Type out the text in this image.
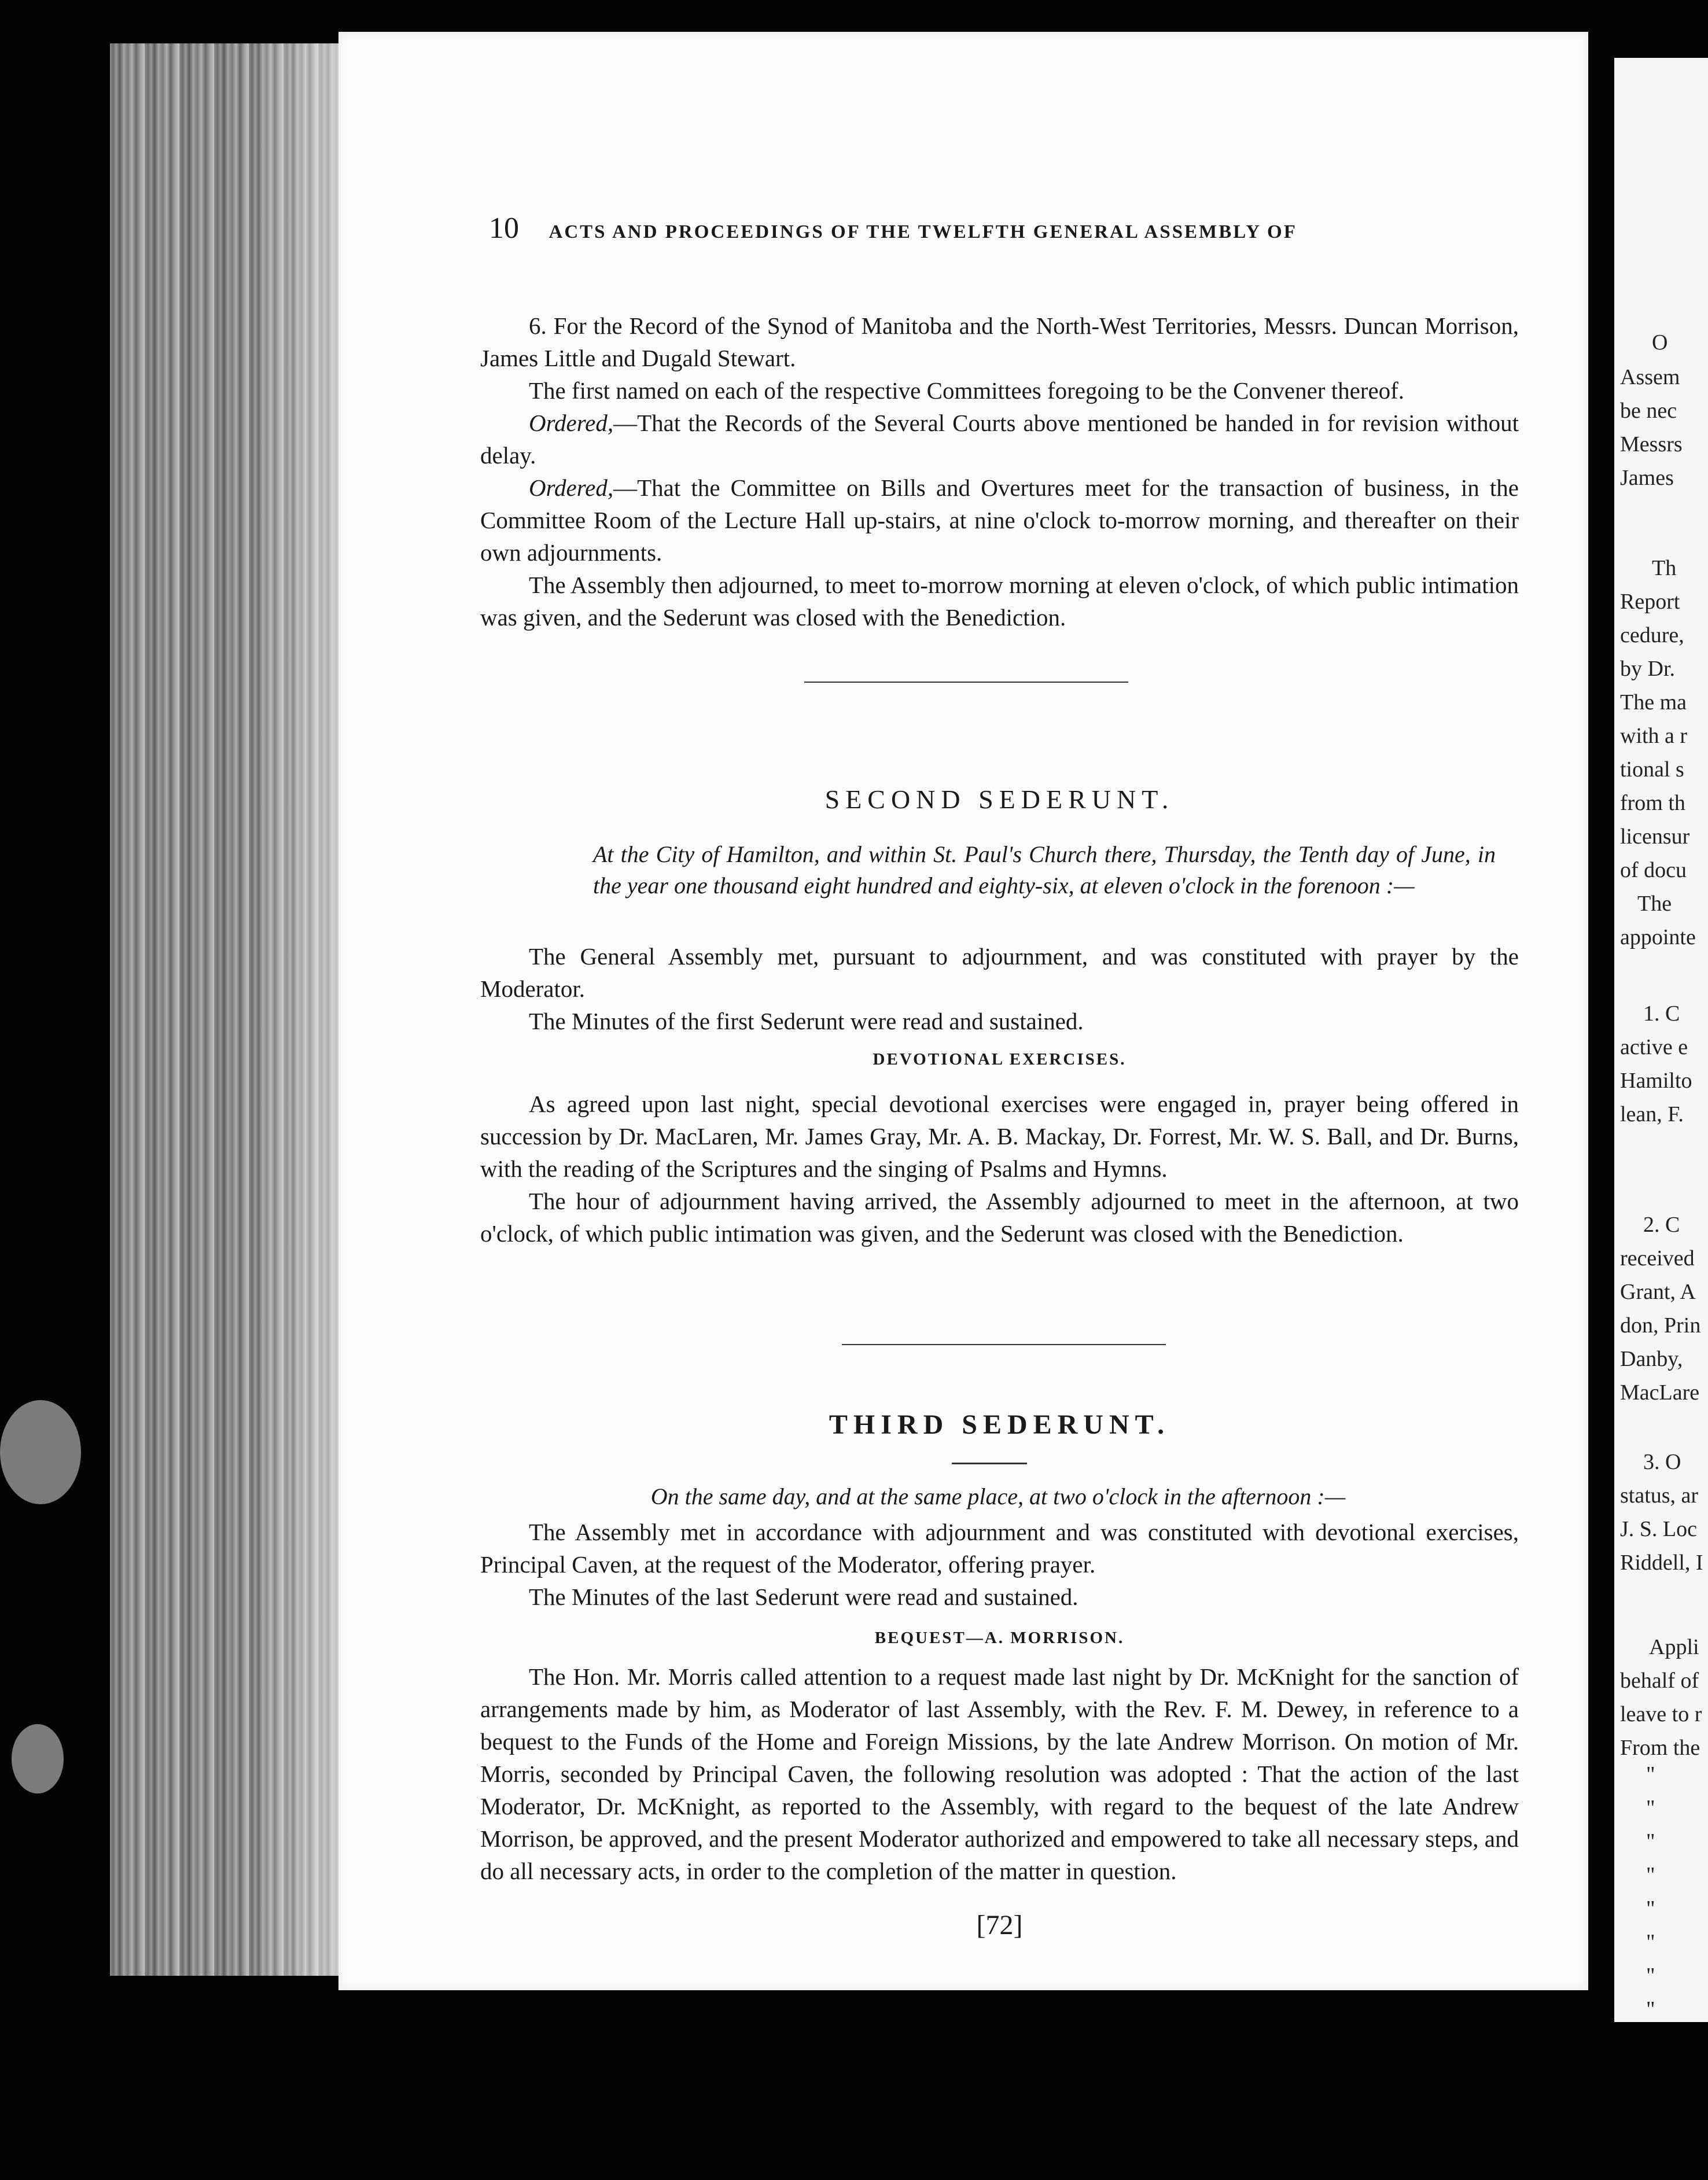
10 ACTS AND PROCEEDINGS OF THE TWELFTH GENERAL ASSEMBLY OF

6. For the Record of the Synod of Manitoba and the North-West Territories, Messrs. Duncan Morrison, James Little and Dugald Stewart.

The first named on each of the respective Committees foregoing to be the Convener thereof.

Ordered,—That the Records of the Several Courts above mentioned be handed in for revision without delay.

Ordered,—That the Committee on Bills and Overtures meet for the transaction of business, in the Committee Room of the Lecture Hall up-stairs, at nine o'clock to-morrow morning, and thereafter on their own adjournments.

The Assembly then adjourned, to meet to-morrow morning at eleven o'clock, of which public intimation was given, and the Sederunt was closed with the Benediction.

SECOND SEDERUNT.
At the City of Hamilton, and within St. Paul's Church there, Thursday, the Tenth day of June, in the year one thousand eight hundred and eighty-six, at eleven o'clock in the forenoon :—

The General Assembly met, pursuant to adjournment, and was constituted with prayer by the Moderator.

The Minutes of the first Sederunt were read and sustained.

DEVOTIONAL EXERCISES.

As agreed upon last night, special devotional exercises were engaged in, prayer being offered in succession by Dr. MacLaren, Mr. James Gray, Mr. A. B. Mackay, Dr. Forrest, Mr. W. S. Ball, and Dr. Burns, with the reading of the Scriptures and the singing of Psalms and Hymns.

The hour of adjournment having arrived, the Assembly adjourned to meet in the afternoon, at two o'clock, of which public intimation was given, and the Sederunt was closed with the Benediction.

THIRD SEDERUNT.
On the same day, and at the same place, at two o'clock in the afternoon :—

The Assembly met in accordance with adjournment and was constituted with devotional exercises, Principal Caven, at the request of the Moderator, offering prayer.

The Minutes of the last Sederunt were read and sustained.

BEQUEST—A. MORRISON.

The Hon. Mr. Morris called attention to a request made last night by Dr. McKnight for the sanction of arrangements made by him, as Moderator of last Assembly, with the Rev. F. M. Dewey, in reference to a bequest to the Funds of the Home and Foreign Missions, by the late Andrew Morrison. On motion of Mr. Morris, seconded by Principal Caven, the following resolution was adopted : That the action of the last Moderator, Dr. McKnight, as reported to the Assembly, with regard to the bequest of the late Andrew Morrison, be approved, and the present Moderator authorized and empowered to take all necessary steps, and do all necessary acts, in order to the completion of the matter in question.

[72]
O
Assem
be nec
Messrs
James
Th
Report
cedure,
by Dr.
The ma
with a r
tional s
from th
licensur
of docu
The
appointe
1. C
active e
Hamilto
lean, F.
2. C
received
Grant, A
don, Prin
Danby,
MacLare
3. O
status, ar
J. S. Loc
Riddell, I
Appli
behalf of
leave to r
From the
"
"
"
"
"
"
"
"
